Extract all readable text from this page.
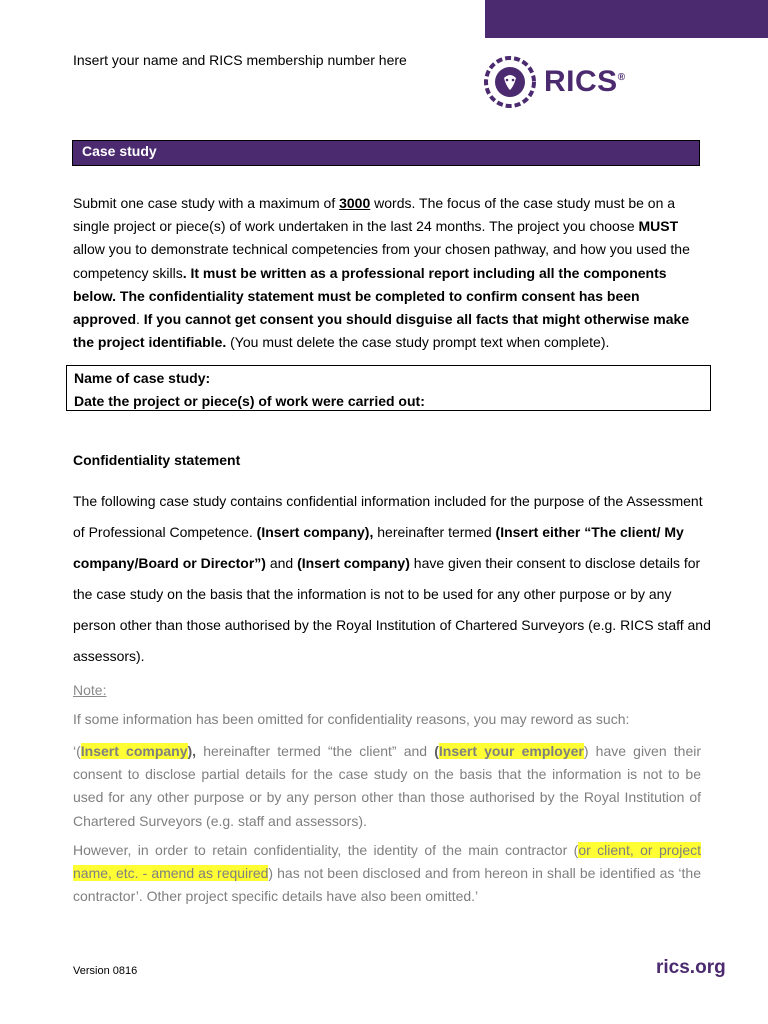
Insert your name and RICS membership number here
RICS®
Case study

Submit one case study with a maximum of 3000 words. The focus of the case study must be on a single project or piece(s) of work undertaken in the last 24 months. The project you choose MUST allow you to demonstrate technical competencies from your chosen pathway, and how you used the competency skills. It must be written as a professional report including all the components below. The confidentiality statement must be completed to confirm consent has been approved. If you cannot get consent you should disguise all facts that might otherwise make the project identifiable. (You must delete the case study prompt text when complete).

Name of case study:
Date the project or piece(s) of work were carried out:
Confidentiality statement

The following case study contains confidential information included for the purpose of the Assessment of Professional Competence. (Insert company), hereinafter termed (Insert either “The client/ My company/Board or Director”) and (Insert company) have given their consent to disclose details for the case study on the basis that the information is not to be used for any other purpose or by any person other than those authorised by the Royal Institution of Chartered Surveyors (e.g. RICS staff and assessors).

Note:

If some information has been omitted for confidentiality reasons, you may reword as such:

‘(Insert company), hereinafter termed “the client” and (Insert your employer) have given their consent to disclose partial details for the case study on the basis that the information is not to be used for any other purpose or by any person other than those authorised by the Royal Institution of Chartered Surveyors (e.g. staff and assessors).

However, in order to retain confidentiality, the identity of the main contractor (or client, or project name, etc. - amend as required) has not been disclosed and from hereon in shall be identified as ‘the contractor’. Other project specific details have also been omitted.’

Version 0816	rics.org
